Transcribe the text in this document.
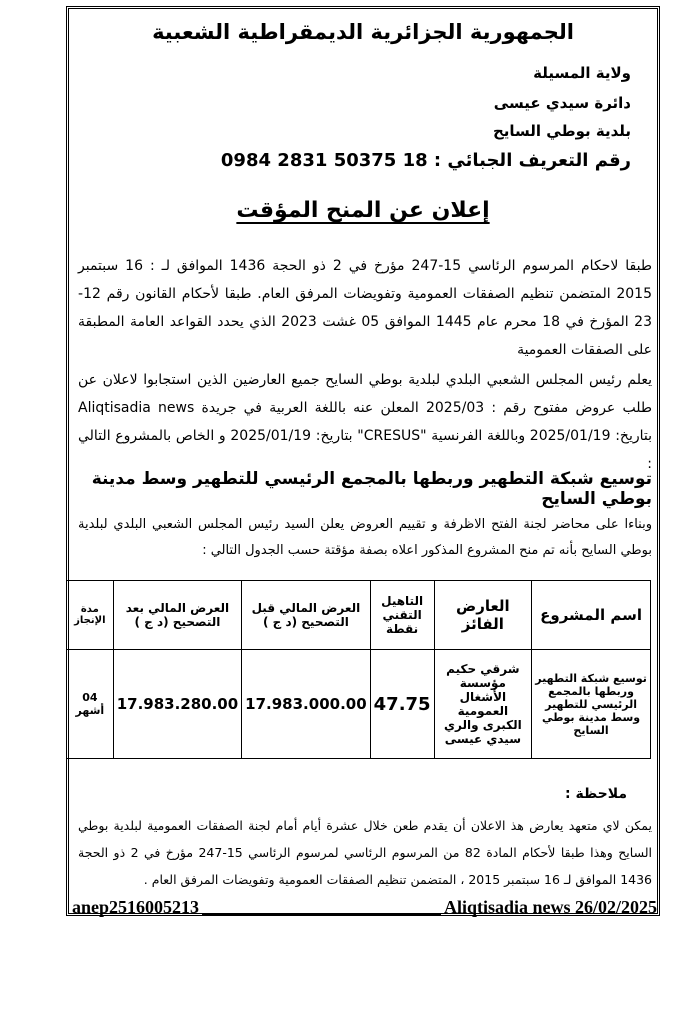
الجمهورية الجزائرية الديمقراطية الشعبية
ولاية المسيلة
دائرة سيدي عيسى
بلدية بوطي السايح
رقم التعريف الجبائي : 18 50375 2831 0984
إعلان عن المنح المؤقت
طبقا لاحكام المرسوم الرئاسي 15-247 مؤرخ في 2 ذو الحجة 1436 الموافق لـ : 16 سبتمبر 2015 المتضمن تنظيم الصفقات العمومية وتفويضات المرفق العام. طبقا لأحكام القانون رقم 12-23 المؤرخ في 18 محرم عام 1445 الموافق 05 غشت 2023 الذي يحدد القواعد العامة المطبقة على الصفقات العمومية
يعلم رئيس المجلس الشعبي البلدي لبلدية بوطي السايح جميع العارضين الذين استجابوا لاعلان عن طلب عروض مفتوح رقم : 2025/03 المعلن عنه باللغة العربية في جريدة Aliqtisadia news بتاريخ: 2025/01/19 وباللغة الفرنسية "CRESUS" بتاريخ: 2025/01/19 و الخاص بالمشروع التالي :
توسيع شبكة التطهير وربطها بالمجمع الرئيسي للتطهير وسط مدينة بوطي السايح
وبناءا على محاضر لجنة الفتح الاظرفة و تقييم العروض يعلن السيد رئيس المجلس الشعبي البلدي لبلدية بوطي السايح بأنه تم منح المشروع المذكور اعلاه بصفة مؤقتة حسب الجدول التالي :
اسم المشروع	العارض الفائز	التاهيل التقني نقطة	العرض المالي قبل التصحيح (د ج )	العرض المالي بعد التصحيح (د ج )	مدة الإنجاز
توسيع شبكة التطهير وربطها بالمجمع الرئيسي للتطهير وسط مدينة بوطي السايح	شرقي حكيم مؤسسة الأشغال العمومية الكبرى والري سيدي عيسى	47.75	17.983.000.00	17.983.280.00	04 أشهر
ملاحظة :
يمكن لاي متعهد يعارض هذ الاعلان أن يقدم طعن خلال عشرة أيام أمام لجنة الصفقات العمومية لبلدية بوطي السايح وهذا طبقا لأحكام المادة 82 من المرسوم الرئاسي لمرسوم الرئاسي 15-247 مؤرخ في 2 ذو الحجة 1436 الموافق لـ 16 سبتمبر 2015 ، المتضمن تنظيم الصفقات العمومية وتفويضات المرفق العام .
anep2516005213	Aliqtisadia news 26/02/2025
